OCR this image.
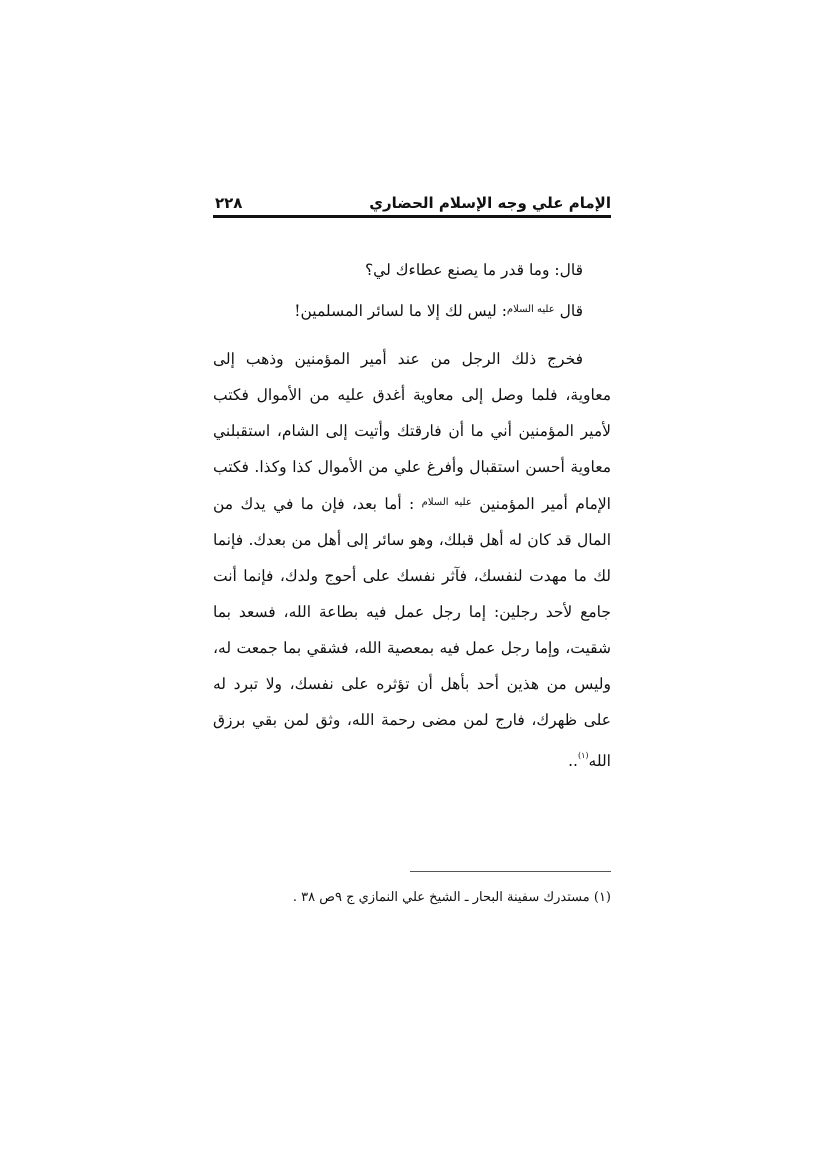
الإمام علي وجه الإسلام الحضاري
٢٢٨

قال: وما قدر ما يصنع عطاءك لي؟

قال $^{عليه السلام}$: ليس لك إلا ما لسائر المسلمين!

فخرج ذلك الرجل من عند أمير المؤمنين وذهب إلى معاوية، فلما وصل إلى معاوية أغدق عليه من الأموال فكتب لأمير المؤمنين أني ما أن فارقتك وأتيت إلى الشام، استقبلني معاوية أحسن استقبال وأفرغ علي من الأموال كذا وكذا. فكتب الإمام أمير المؤمنين $^{عليه السلام}$ : أما بعد، فإن ما في يدك من المال قد كان له أهل قبلك، وهو سائر إلى أهل من بعدك. فإنما لك ما مهدت لنفسك، فآثر نفسك على أحوج ولدك، فإنما أنت جامع لأحد رجلين: إما رجل عمل فيه بطاعة الله، فسعد بما شقيت، وإما رجل عمل فيه بمعصية الله، فشقي بما جمعت له، وليس من هذين أحد بأهل أن تؤثره على نفسك، ولا تبرد له على ظهرك، فارج لمن مضى رحمة الله، وثق لمن بقي برزق الله$^{(١)}$..

(١) مستدرك سفينة البحار ـ الشيخ علي النمازي ج ٩ص ٣٨ .
